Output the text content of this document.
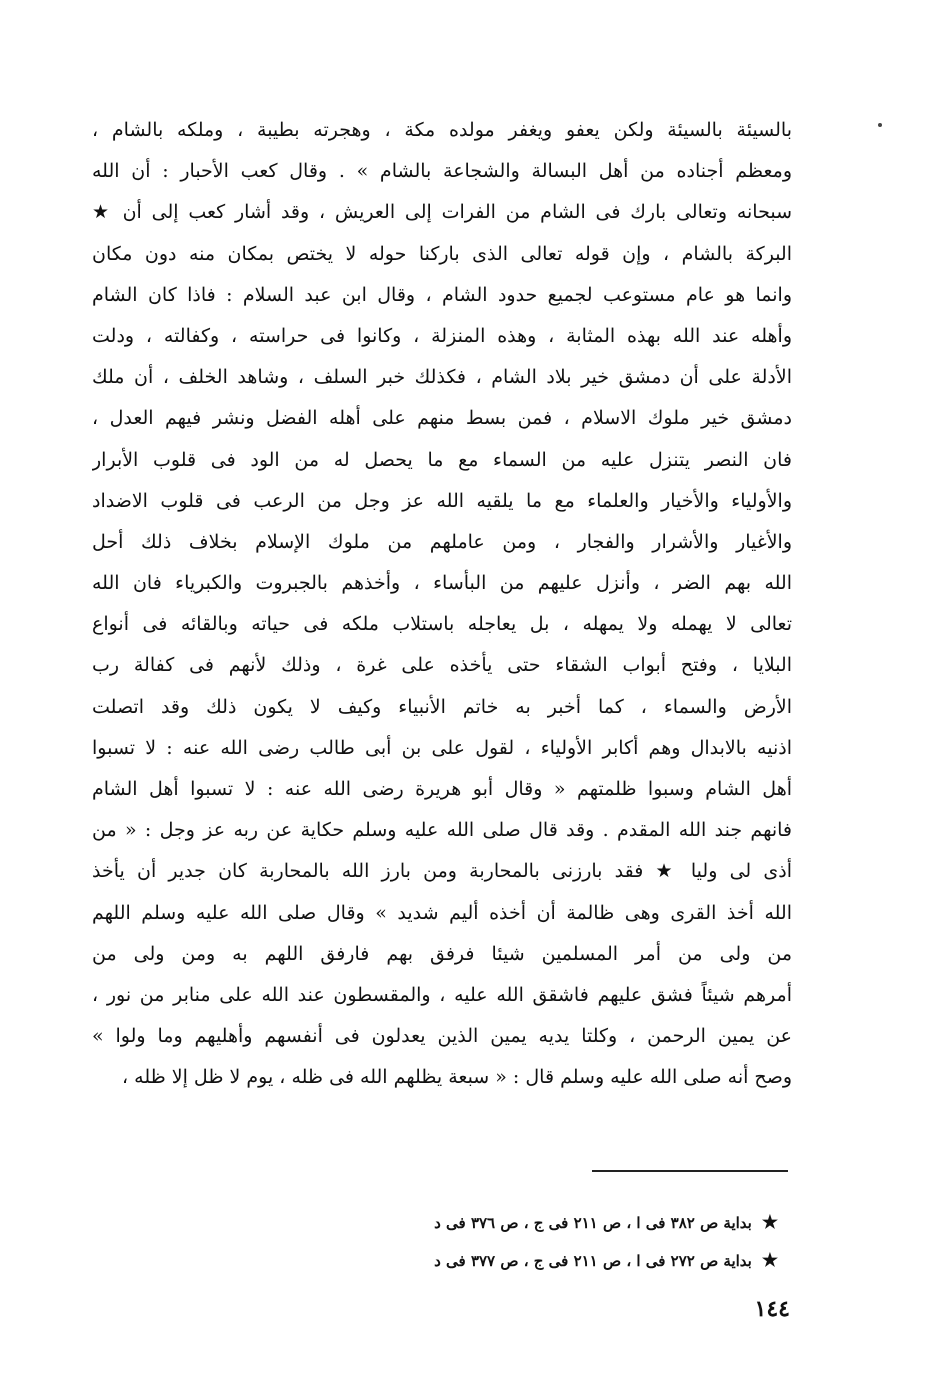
بالسيئة بالسيئة ولكن يعفو ويغفر مولده مكة ، وهجرته بطيبة ، وملكه بالشام ،
ومعظم أجناده من أهل البسالة والشجاعة بالشام » . وقال كعب الأحبار : أن الله
سبحانه وتعالى بارك فى الشام من الفرات إلى العريش ، وقد أشار كعب إلى أن ★
البركة بالشام ، وإن قوله تعالى الذى باركنا حوله لا يختص بمكان منه دون مكان
وانما هو عام مستوعب لجميع حدود الشام ، وقال ابن عبد السلام : فاذا كان الشام
وأهله عند الله بهذه المثابة ، وهذه المنزلة ، وكانوا فى حراسته ، وكفالته ، ودلت
الأدلة على أن دمشق خير بلاد الشام ، فكذلك خبر السلف ، وشاهد الخلف ، أن ملك
دمشق خير ملوك الاسلام ، فمن بسط منهم على أهله الفضل ونشر فيهم العدل ،
فان النصر يتنزل عليه من السماء مع ما يحصل له من الود فى قلوب الأبرار
والأولياء والأخيار والعلماء مع ما يلقيه الله عز وجل من الرعب فى قلوب الاضداد
والأغيار والأشرار والفجار ، ومن عاملهم من ملوك الإسلام بخلاف ذلك أحل
الله بهم الضر ، وأنزل عليهم من البأساء ، وأخذهم بالجبروت والكبرياء فان الله
تعالى لا يهمله ولا يمهله ، بل يعاجله باستلاب ملكه فى حياته وبالقائه فى أنواع
البلايا ، وفتح أبواب الشقاء حتى يأخذه على غرة ، وذلك لأنهم فى كفالة رب
الأرض والسماء ، كما أخبر به خاتم الأنبياء وكيف لا يكون ذلك وقد اتصلت
اذنيه بالابدال وهم أكابر الأولياء ، لقول على بن أبى طالب رضى الله عنه : لا تسبوا
أهل الشام وسبوا ظلمتهم « وقال أبو هريرة رضى الله عنه : لا تسبوا أهل الشام
فانهم جند الله المقدم . وقد قال صلى الله عليه وسلم حكاية عن ربه عز وجل : « من
أذى لى وليا ★ فقد بارزنى بالمحاربة ومن بارز الله بالمحاربة كان جدير أن يأخذ
الله أخذ القرى وهى ظالمة أن أخذه أليم شديد » وقال صلى الله عليه وسلم اللهم
من ولى من أمر المسلمين شيئا فرفق بهم فارفق اللهم به ومن ولى من
أمرهم شيئاً فشق عليهم فاشقق الله عليه ، والمقسطون عند الله على منابر من نور ،
عن يمين الرحمن ، وكلتا يديه يمين الذين يعدلون فى أنفسهم وأهليهم وما ولوا »
وصح أنه صلى الله عليه وسلم قال : « سبعة يظلهم الله فى ظله ، يوم لا ظل إلا ظله ،
★بداية ص ٣٨٢ فى ا ، ص ٢١١ فى ج ، ص ٣٧٦ فى د
★بداية ص ٢٧٢ فى ا ، ص ٢١١ فى ج ، ص ٣٧٧ فى د
١٤٤
